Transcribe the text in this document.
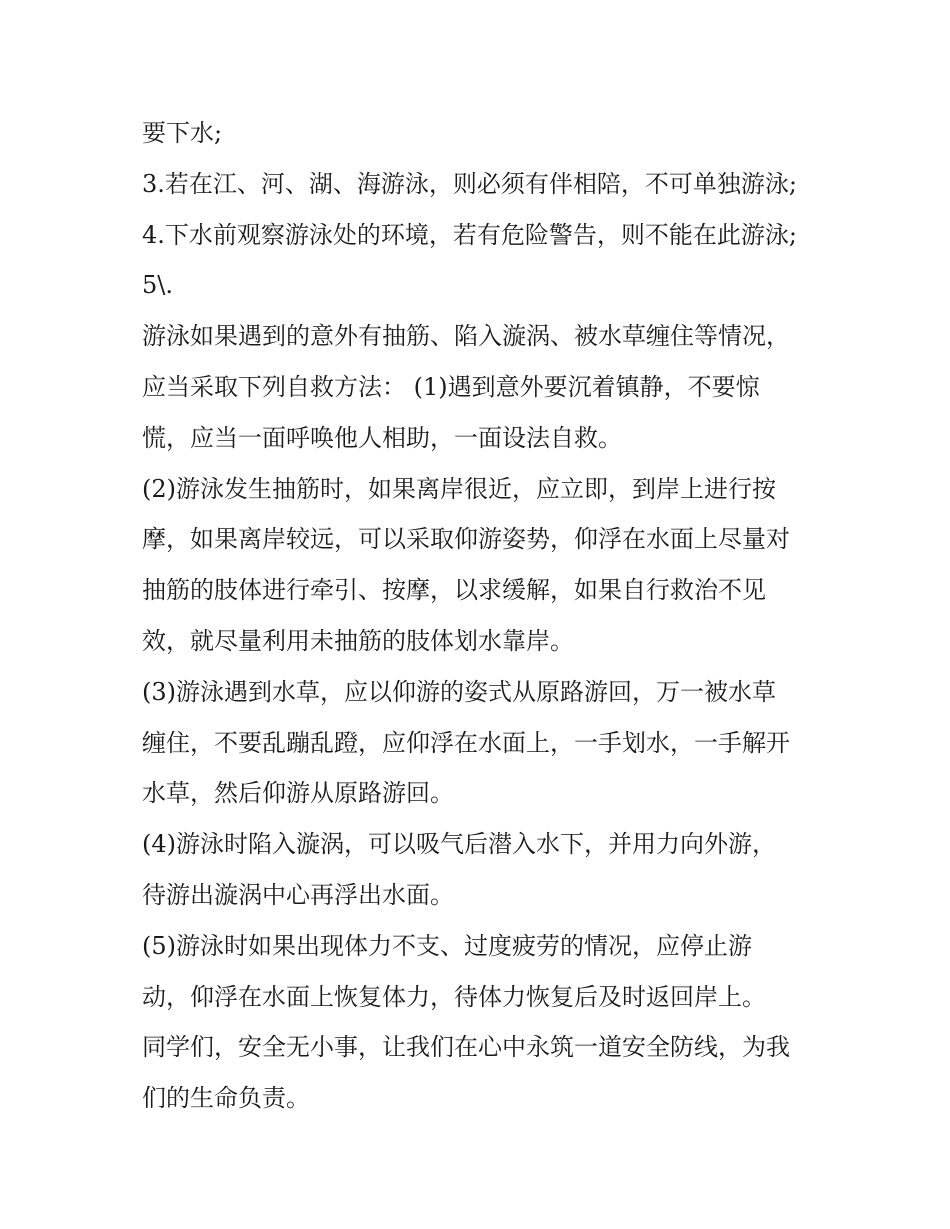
要下水;
3.若在江、河、湖、海游泳，则必须有伴相陪，不可单独游泳;
4.下水前观察游泳处的环境，若有危险警告，则不能在此游泳;
5\.
游泳如果遇到的意外有抽筋、陷入漩涡、被水草缠住等情况，
应当采取下列自救方法： (1)遇到意外要沉着镇静，不要惊
慌，应当一面呼唤他人相助，一面设法自救。
(2)游泳发生抽筋时，如果离岸很近，应立即，到岸上进行按
摩，如果离岸较远，可以采取仰游姿势，仰浮在水面上尽量对
抽筋的肢体进行牵引、按摩，以求缓解，如果自行救治不见
效，就尽量利用未抽筋的肢体划水靠岸。
(3)游泳遇到水草，应以仰游的姿式从原路游回，万一被水草
缠住，不要乱蹦乱蹬，应仰浮在水面上，一手划水，一手解开
水草，然后仰游从原路游回。
(4)游泳时陷入漩涡，可以吸气后潜入水下，并用力向外游，
待游出漩涡中心再浮出水面。
(5)游泳时如果出现体力不支、过度疲劳的情况，应停止游
动，仰浮在水面上恢复体力，待体力恢复后及时返回岸上。
同学们，安全无小事，让我们在心中永筑一道安全防线，为我
们的生命负责。
